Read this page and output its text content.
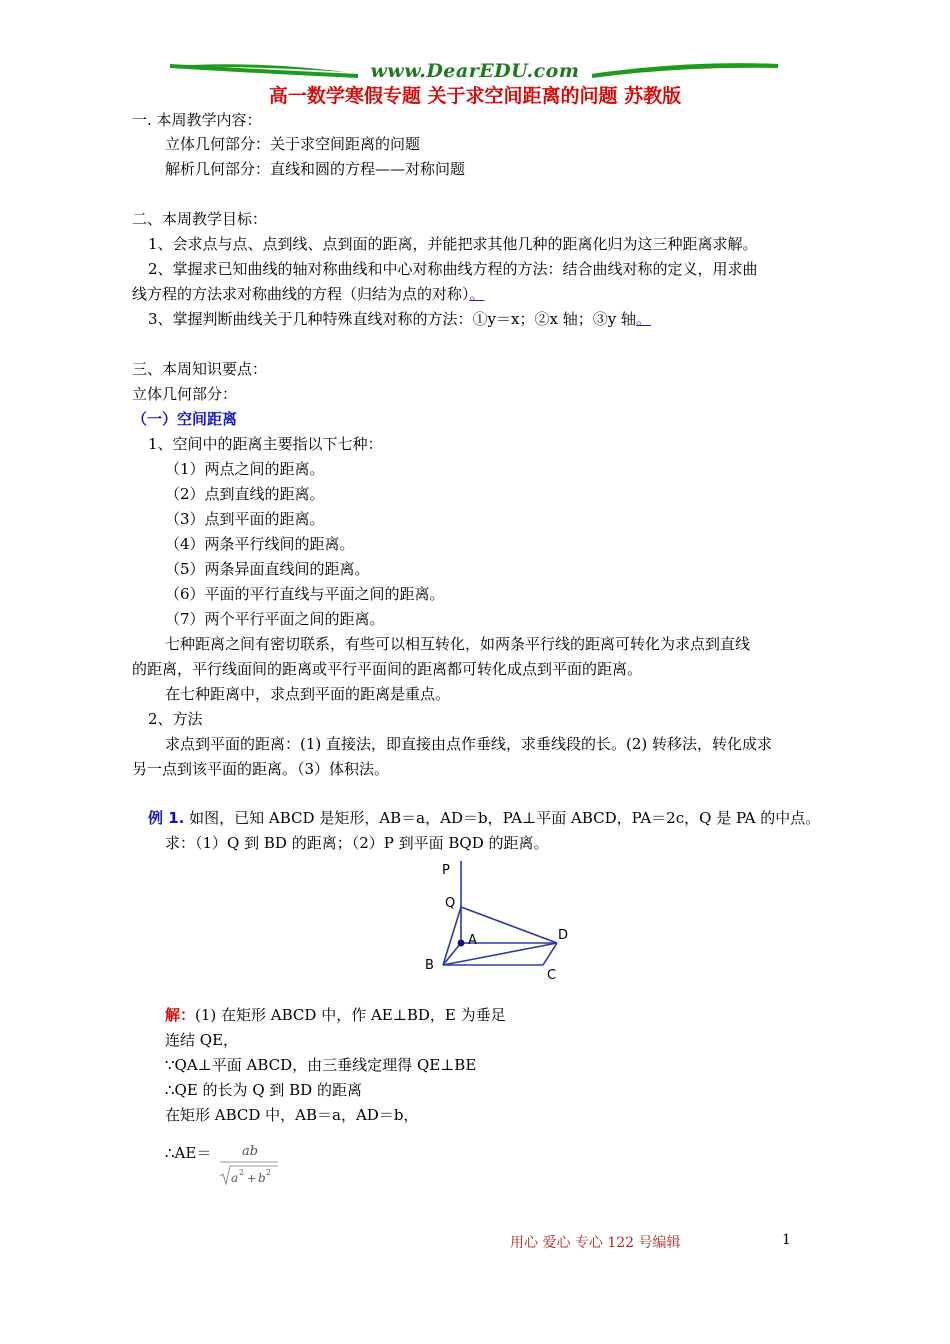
www.DearEDU.com
高一数学寒假专题 关于求空间距离的问题 苏教版
一. 本周教学内容：
立体几何部分：关于求空间距离的问题
解析几何部分：直线和圆的方程——对称问题
二、本周教学目标：
1、会求点与点、点到线、点到面的距离，并能把求其他几种的距离化归为这三种距离求解。
2、掌握求已知曲线的轴对称曲线和中心对称曲线方程的方法：结合曲线对称的定义，用求曲
线方程的方法求对称曲线的方程（归结为点的对称）。
3、掌握判断曲线关于几种特殊直线对称的方法：①y＝x；②x 轴；③y 轴。
三、本周知识要点：
立体几何部分：
（一）空间距离
1、空间中的距离主要指以下七种：
（1）两点之间的距离。
（2）点到直线的距离。
（3）点到平面的距离。
（4）两条平行线间的距离。
（5）两条异面直线间的距离。
（6）平面的平行直线与平面之间的距离。
（7）两个平行平面之间的距离。
七种距离之间有密切联系，有些可以相互转化，如两条平行线的距离可转化为求点到直线
的距离，平行线面间的距离或平行平面间的距离都可转化成点到平面的距离。
在七种距离中，求点到平面的距离是重点。
2、方法
求点到平面的距离：(1) 直接法，即直接由点作垂线，求垂线段的长。(2) 转移法，转化成求
另一点到该平面的距离。（3）体积法。
例 1. 如图，已知 ABCD 是矩形，AB＝a，AD＝b，PA⊥平面 ABCD，PA＝2c，Q 是 PA 的中点。
求：（1）Q 到 BD 的距离；（2）P 到平面 BQD 的距离。
P
Q
A
B
C
D
解：(1) 在矩形 ABCD 中，作 AE⊥BD，E 为垂足
连结 QE，
∵QA⊥平面 ABCD，由三垂线定理得 QE⊥BE
∴QE 的长为 Q 到 BD 的距离
在矩形 ABCD 中，AB＝a，AD＝b，
∴AE＝ ab
a 2 + b 2
用心 爱心 专心 122 号编辑	1
